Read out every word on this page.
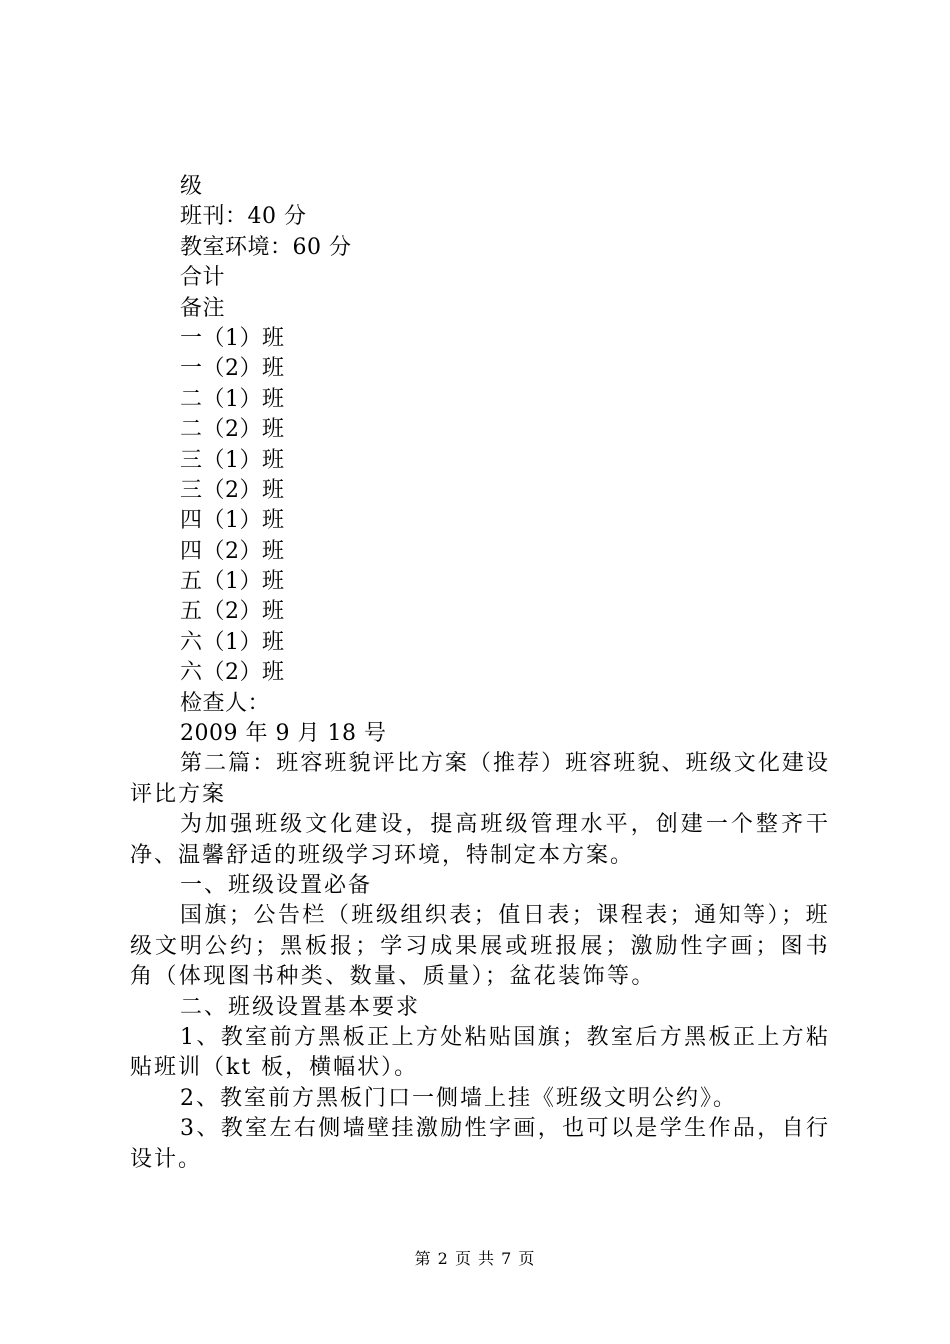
级

班刊：40 分

教室环境：60 分

合计

备注

一（1）班

一（2）班

二（1）班

二（2）班

三（1）班

三（2）班

四（1）班

四（2）班

五（1）班

五（2）班

六（1）班

六（2）班

检查人：

2009 年 9 月 18 号

第二篇：班容班貌评比方案（推荐）班容班貌、班级文化建设评比方案

为加强班级文化建设，提高班级管理水平，创建一个整齐干净、温馨舒适的班级学习环境，特制定本方案。

一、班级设置必备

国旗；公告栏（班级组织表；值日表；课程表；通知等）；班级文明公约；黑板报；学习成果展或班报展；激励性字画；图书角（体现图书种类、数量、质量）；盆花装饰等。

二、班级设置基本要求

1、教室前方黑板正上方处粘贴国旗；教室后方黑板正上方粘贴班训（kt 板，横幅状）。

2、教室前方黑板门口一侧墙上挂《班级文明公约》。

3、教室左右侧墙壁挂激励性字画，也可以是学生作品，自行设计。

第 2 页 共 7 页
